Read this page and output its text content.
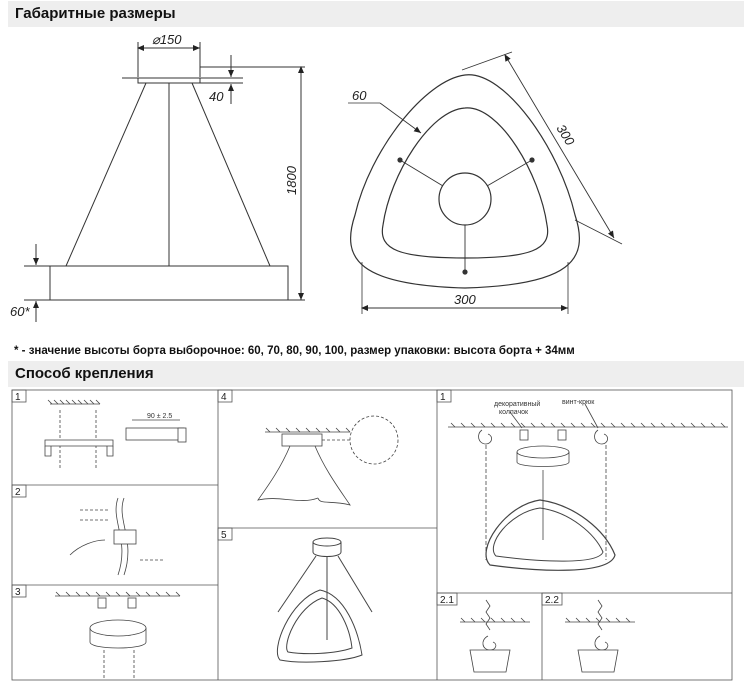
Габаритные размеры
Способ крепления
* - значение высоты борта выборочное: 60, 70, 80, 90, 100, размер упаковки: высота борта + 34мм
⌀150
40
1800
60*
300
300
60
1
2
3
4
5
1
2.1	2.2
90 ± 2.5
декоративный
колпачок
винт-крюк
